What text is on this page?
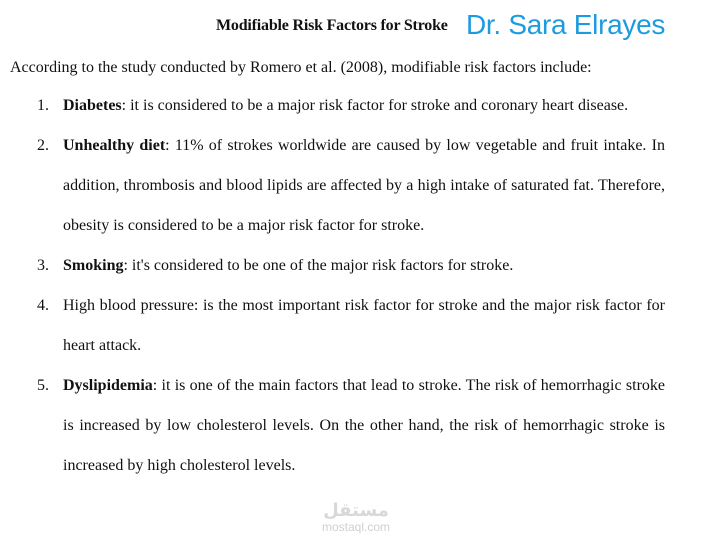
Modifiable Risk Factors for Stroke Dr. Sara Elrayes
According to the study conducted by Romero et al. (2008), modifiable risk factors include:
1. Diabetes: it is considered to be a major risk factor for stroke and coronary heart disease.
2. Unhealthy diet: 11% of strokes worldwide are caused by low vegetable and fruit intake. In addition, thrombosis and blood lipids are affected by a high intake of saturated fat. Therefore, obesity is considered to be a major risk factor for stroke.
3. Smoking: it's considered to be one of the major risk factors for stroke.
4. High blood pressure: is the most important risk factor for stroke and the major risk factor for heart attack.
5. Dyslipidemia: it is one of the main factors that lead to stroke. The risk of hemorrhagic stroke is increased by low cholesterol levels. On the other hand, the risk of hemorrhagic stroke is increased by high cholesterol levels.
مستقل
mostaql.com
